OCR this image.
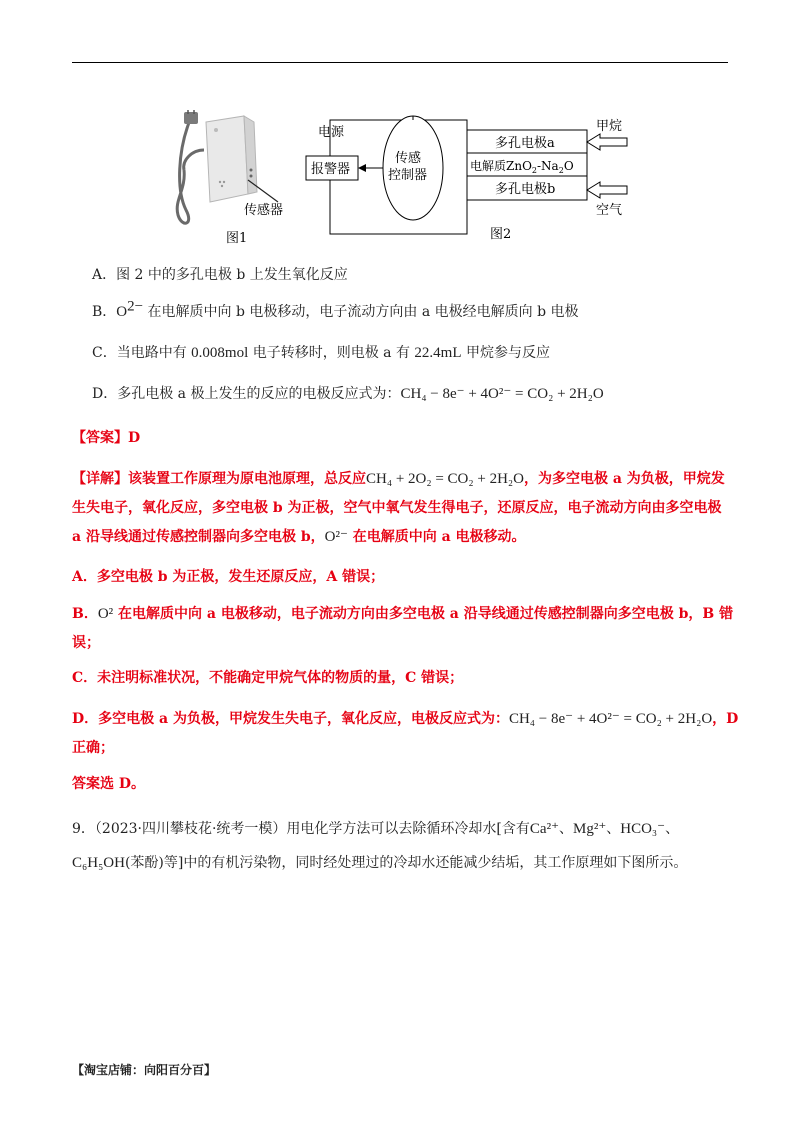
传感器
图1
报警器
电源
传感
控制器
多孔电极a
电解质$ZnO_2-Na_2O$
多孔电极b
甲烷
空气
图2
A．图 2 中的多孔电极 b 上发生氧化反应
B．$O^{2-}$ 在电解质中向 b 电极移动，电子流动方向由 a 电极经电解质向 b 电极
C．当电路中有 0.008mol 电子转移时，则电极 a 有 22.4mL 甲烷参与反应
D．多孔电极 a 极上发生的反应的电极反应式为：CH₄ − 8e⁻ + 4O²⁻ = CO₂ + 2H₂O
【答案】D
【详解】该装置工作原理为原电池原理，总反应CH₄ + 2O₂ = CO₂ + 2H₂O，为多空电极 a 为负极，甲烷发
生失电子，氧化反应，多空电极 b 为正极，空气中氧气发生得电子，还原反应，电子流动方向由多空电极
a 沿导线通过传感控制器向多空电极 b，O²⁻ 在电解质中向 a 电极移动。
A．多空电极 b 为正极，发生还原反应，A 错误；
B．O² 在电解质中向 a 电极移动，电子流动方向由多空电极 a 沿导线通过传感控制器向多空电极 b，B 错
误；
C．未注明标准状况，不能确定甲烷气体的物质的量，C 错误；
D．多空电极 a 为负极，甲烷发生失电子，氧化反应，电极反应式为：CH₄ − 8e⁻ + 4O²⁻ = CO₂ + 2H₂O，D
正确；
答案选 D。
9．（2023·四川攀枝花·统考一模）用电化学方法可以去除循环冷却水[含有Ca²⁺、Mg²⁺、HCO₃⁻、
C₆H₅OH(苯酚)等]中的有机污染物，同时经处理过的冷却水还能减少结垢，其工作原理如下图所示。
【淘宝店铺：向阳百分百】
